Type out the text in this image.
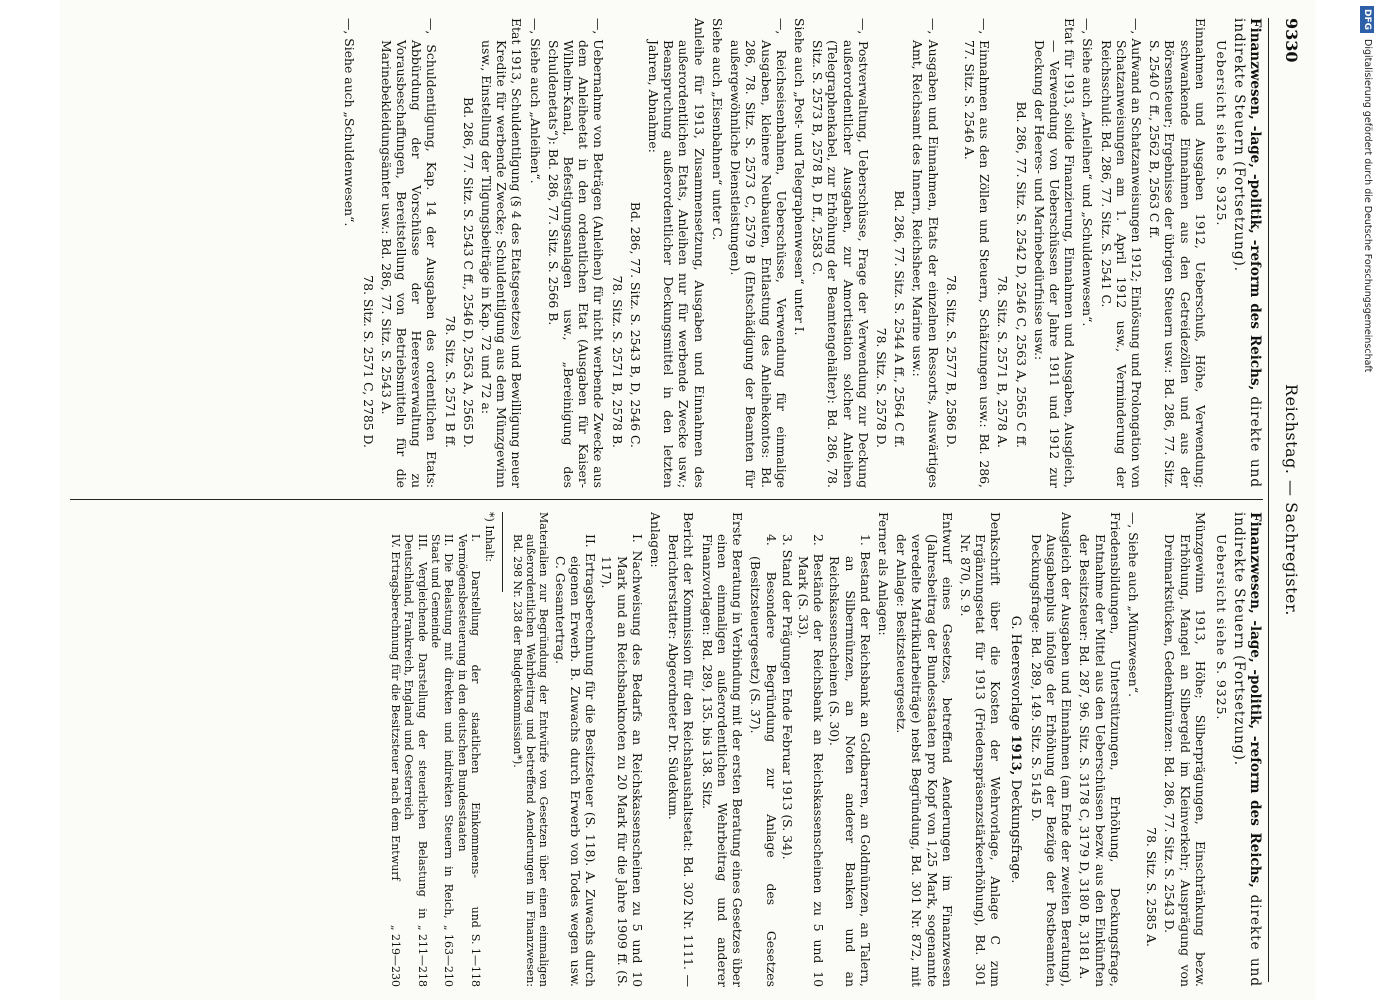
9330
Reichstag. — Sachregister.
Finanzwesen, -lage, -politik, -reform des Reichs, direkte und indirekte Steuern (Fortsetzung).
Uebersicht siehe S. 9325.

Einnahmen und Ausgaben 1912, Ueberschuß, Höhe, Verwendung; schwankende Einnahmen aus den Getreidezöllen und aus der Börsensteuer; Ergebnisse der übrigen Steuern usw.: Bd. 286, 77. Sitz. S. 2540 C ff., 2562 B, 2563 C ff.

—, Aufwand an Schatzanweisungen 1912; Einlösung und Prolongation von Schatzanweisungen am 1. April 1912 usw., Verminderung der Reichsschuld: Bd. 286, 77. Sitz. S. 2541 C.

—, Siehe auch „Anleihen“ und „Schuldenwesen“.

Etat für 1913, solide Finanzierung, Einnahmen und Ausgaben, Ausgleich, — Verwendung von Ueberschüssen der Jahre 1911 und 1912 zur Deckung der Heeres- und Marinebedürfnisse usw.:

Bd. 286, 77. Sitz. S. 2542 D, 2546 C, 2563 A, 2565 C ff.

78. Sitz. S. 2571 B, 2578 A.

—, Einnahmen aus den Zöllen und Steuern, Schätzungen usw.: Bd. 286, 77. Sitz. S. 2546 A.

78. Sitz. S. 2577 B, 2586 D.

—, Ausgaben und Einnahmen, Etats der einzelnen Ressorts, Auswärtiges Amt, Reichsamt des Innern, Reichsheer, Marine usw.:

Bd. 286, 77. Sitz. S. 2544 A ff., 2564 C ff.

78. Sitz. S. 2578 D.

—, Postverwaltung, Ueberschüsse, Frage der Verwendung zur Deckung außerordentlicher Ausgaben, zur Amortisation solcher Anleihen (Telegraphenkabel, zur Erhöhung der Beamtengehälter): Bd. 286, 78. Sitz. S. 2573 B, 2578 B, D ff., 2583 C.

Siehe auch „Post- und Telegraphenwesen“ unter I.

—, Reichseisenbahnen, Ueberschüsse, Verwendung für einmalige Ausgaben, kleinere Neubauten, Entlastung des Anleihekontos: Bd. 286, 78. Sitz. S. 2573 C, 2579 B (Entschädigung der Beamten für außergewöhnliche Dienstleistungen).

Siehe auch „Eisenbahnen“ unter C.

Anleihe für 1913, Zusammensetzung, Ausgaben und Einnahmen des außerordentlichen Etats, Anleihen nur für werbende Zwecke usw.; Beanspruchung außerordentlicher Deckungsmittel in den letzten Jahren, Abnahme:

Bd. 286, 77. Sitz. S. 2543 B, D, 2546 C.

78. Sitz. S. 2571 B, 2578 B.

—, Uebernahme von Beträgen (Anleihen) für nicht werbende Zwecke aus dem Anleiheetat in den ordentlichen Etat (Ausgaben für Kaiser-Wilhelm-Kanal, Befestigungsanlagen usw., „Bereinigung des Schuldenetats“): Bd. 286, 77. Sitz. S. 2566 B.

—, Siehe auch „Anleihen“.

Etat 1913, Schuldentilgung (§ 4 des Etatsgesetzes) und Bewilligung neuer Kredite für werbende Zwecke; Schuldentilgung aus dem Münzgewinn usw., Einstellung der Tilgungsbeiträge in Kap. 72 und 72 a:

Bd. 286, 77. Sitz. S. 2543 C ff., 2546 D, 2563 A, 2565 D.

78. Sitz. S. 2571 B ff.

—, Schuldentilgung, Kap. 14 der Ausgaben des ordentlichen Etats: Abbürdung der Vorschüsse der Heeresverwaltung zu Vorausbeschaffungen, Bereitstellung von Betriebsmitteln für die Marinebekleidungsämter usw.: Bd. 286, 77. Sitz. S. 2543 A.

78. Sitz. S. 2571 C, 2785 D.

—, Siehe auch „Schuldenwesen“.

Finanzwesen, -lage, -politik, -reform des Reichs, direkte und indirekte Steuern (Fortsetzung).
Uebersicht siehe S. 9325.

Münzgewinn 1913, Höhe; Silberprägungen, Einschränkung bezw. Erhöhung, Mangel an Silbergeld im Kleinverkehr; Ausprägung von Dreimarkstücken, Gedenkmünzen: Bd. 286, 77. Sitz. S. 2543 D.

78. Sitz. S. 2585 A.

—, Siehe auch „Münzwesen“.

Friedensbildungen, Unterstützungen, Erhöhung, Deckungsfrage, Entnahme der Mittel aus den Ueberschüssen bezw. aus den Einkünften der Besitzsteuer: Bd. 287, 96. Sitz. S. 3178 C, 3179 D, 3180 B, 3181 A.

Ausgleich der Ausgaben und Einnahmen (am Ende der zweiten Beratung), Ausgabenplus infolge der Erhöhung der Bezüge der Postbeamten, Deckungsfrage: Bd. 289, 149. Sitz. S. 5145 D.

G. Heeresvorlage 1913, Deckungsfrage.

Denkschrift über die Kosten der Wehrvorlage, Anlage C zum Ergänzungsetat für 1913 (Friedenspräsenzstärkeerhöhung), Bd. 301 Nr. 870, S. 9.

Entwurf eines Gesetzes, betreffend Aenderungen im Finanzwesen (Jahresbeitrag der Bundesstaaten pro Kopf von 1,25 Mark, sogenannte veredelte Matrikularbeiträge) nebst Begründung, Bd. 301 Nr. 872, mit der Anlage: Besitzsteuergesetz.

Ferner als Anlagen:

1. Bestand der Reichsbank an Goldbarren, an Goldmünzen, an Talern, an Silbermünzen, an Noten anderer Banken und an Reichskassenscheinen (S. 30).
2. Bestände der Reichsbank an Reichskassenscheinen zu 5 und 10 Mark (S. 33).
3. Stand der Prägungen Ende Februar 1913 (S. 34).
4. Besondere Begründung zur Anlage des Gesetzes (Besitzsteuergesetz) (S. 37).

Erste Beratung in Verbindung mit der ersten Beratung eines Gesetzes über einen einmaligen außerordentlichen Wehrbeitrag und anderer Finanzvorlagen: Bd. 289, 135. bis 138. Sitz.

Bericht der Kommission für den Reichshaushaltsetat: Bd. 302 Nr. 1111. — Berichterstatter: Abgeordneter Dr. Südekum.

Anlagen:

I. Nachweisung des Bedarfs an Reichskassenscheinen zu 5 und 10 Mark und an Reichsbanknoten zu 20 Mark für die Jahre 1909 ff. (S. 117).
II. Ertragsberechnung für die Besitzsteuer (S. 118). A. Zuwachs durch eigenen Erwerb. B. Zuwachs durch Erwerb von Todes wegen usw. C. Gesamtertrag.

Materialien zur Begründung der Entwürfe von Gesetzen über einen einmaligen außerordentlichen Wehrbeitrag und betreffend Aenderungen im Finanzwesen: Bd. 298 Nr. 238 der Budgetkommission*).

*) Inhalt:
I. Darstellung der staatlichen Einkommens- und Vermögensbesteuerung in den deutschen Bundesstaaten
S. 1—118
II. Die Belastung mit direkten und indirekten Steuern in Reich, Staat und Gemeinde
„ 163—210
III. Vergleichende Darstellung der steuerlichen Belastung in Deutschland, Frankreich, England und Oesterreich
„ 211—218
IV. Ertragsberechnung für die Besitzsteuer nach dem Entwurf
„ 219—230
DFGDigitalisierung gefördert durch die Deutsche Forschungsgemeinschaft
